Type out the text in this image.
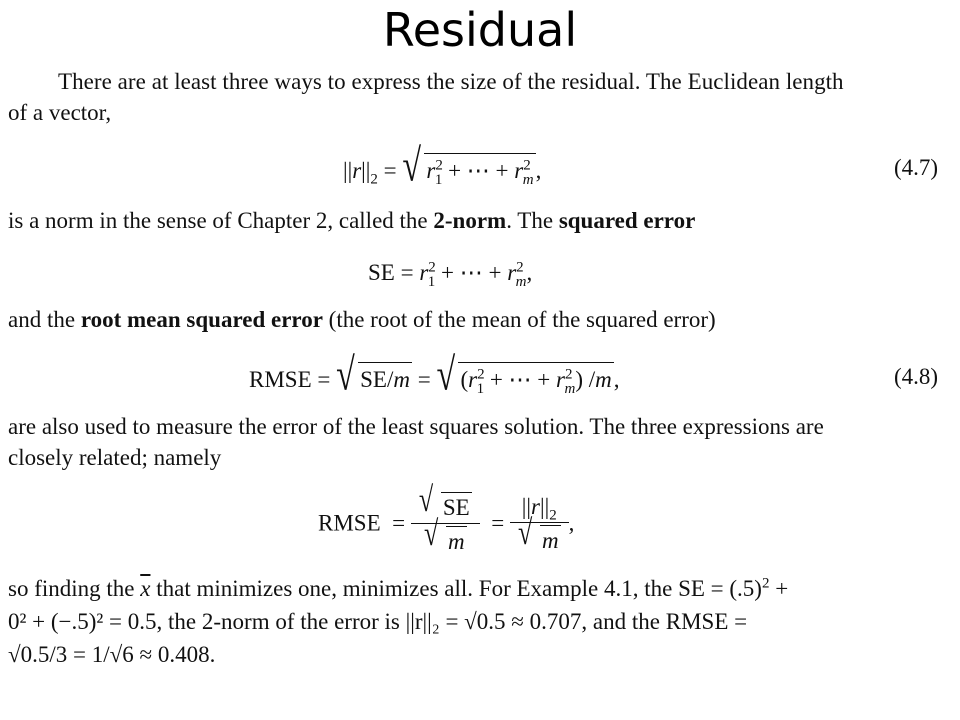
Residual
There are at least three ways to express the size of the residual. The Euclidean length
of a vector,
$||r||_2$ = √ $r^2_1$ + ⋯ + $r^2_m$,	(4.7)
is a norm in the sense of Chapter 2, called the 2-norm. The squared error
SE = $r^2_1$ + ⋯ + $r^2_m$,
and the root mean squared error (the root of the mean of the squared error)
RMSE = √ SE/m = √ ($r^2_1$ + ⋯ + $r^2_m$) /m,	(4.8)
are also used to measure the error of the least squares solution. The three expressions are
closely related; namely
RMSE  = $\frac{√ SE}{√ m} = \frac{||r||_2}{√ m}$ ,
so finding the $\overline{x}$ that minimizes one, minimizes all. For Example 4.1, the SE = $(.5)^2$ +
0² + (−.5)² = 0.5, the 2-norm of the error is ||r||₂ = √0.5 ≈ 0.707, and the RMSE =
√0.5/3 = 1/√6 ≈ 0.408.
